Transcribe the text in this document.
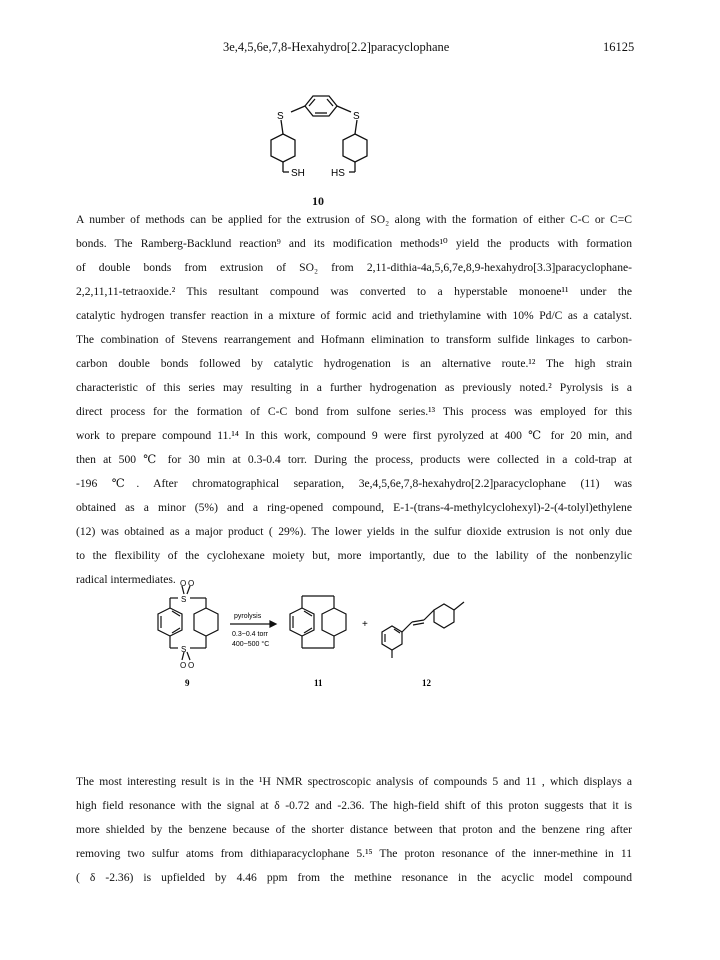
3e,4,5,6e,7,8-Hexahydro[2.2]paracyclophane	16125
S	S
SH	HS
10
A number of methods can be applied for the extrusion of SO₂ along with the formation of either C-C or C=C
bonds. The Ramberg-Backlund reaction⁹ and its modification methods¹⁰ yield the products with formation
of double bonds from extrusion of SO₂ from 2,11-dithia-4a,5,6,7e,8,9-hexahydro[3.3]paracyclophane-
2,2,11,11-tetraoxide.² This resultant compound was converted to a hyperstable monoene¹¹ under the
catalytic hydrogen transfer reaction in a mixture of formic acid and triethylamine with 10% Pd/C as a catalyst.
The combination of Stevens rearrangement and Hofmann elimination to transform sulfide linkages to carbon-
carbon double bonds followed by catalytic hydrogenation is an alternative route.¹² The high strain
characteristic of this series may resulting in a further hydrogenation as previously noted.² Pyrolysis is a
direct process for the formation of C-C bond from sulfone series.¹³ This process was employed for this
work to prepare compound 11.¹⁴ In this work, compound 9 were first pyrolyzed at 400 ℃ for 20 min, and
then at 500 ℃ for 30 min at 0.3-0.4 torr. During the process, products were collected in a cold-trap at
-196 ℃. After chromatographical separation, 3e,4,5,6e,7,8-hexahydro[2.2]paracyclophane (11) was
obtained as a minor (5%) and a ring-opened compound, E-1-(trans-4-methylcyclohexyl)-2-(4-tolyl)ethylene
(12) was obtained as a major product ( 29%). The lower yields in the sulfur dioxide extrusion is not only due
to the flexibility of the cyclohexane moiety but, more importantly, due to the lability of the nonbenzylic
radical intermediates. O O
S
S
O O
pyrolysis
0.3~0.4 torr
400~500 °C
+
9	11	12
The most interesting result is in the ¹H NMR spectroscopic analysis of compounds 5 and 11 , which displays a
high field resonance with the signal at δ -0.72 and -2.36. The high-field shift of this proton suggests that it is
more shielded by the benzene because of the shorter distance between that proton and the benzene ring after
removing two sulfur atoms from dithiaparacyclophane 5.¹⁵ The proton resonance of the inner-methine in 11
( δ -2.36) is upfielded by 4.46 ppm from the methine resonance in the acyclic model compound
